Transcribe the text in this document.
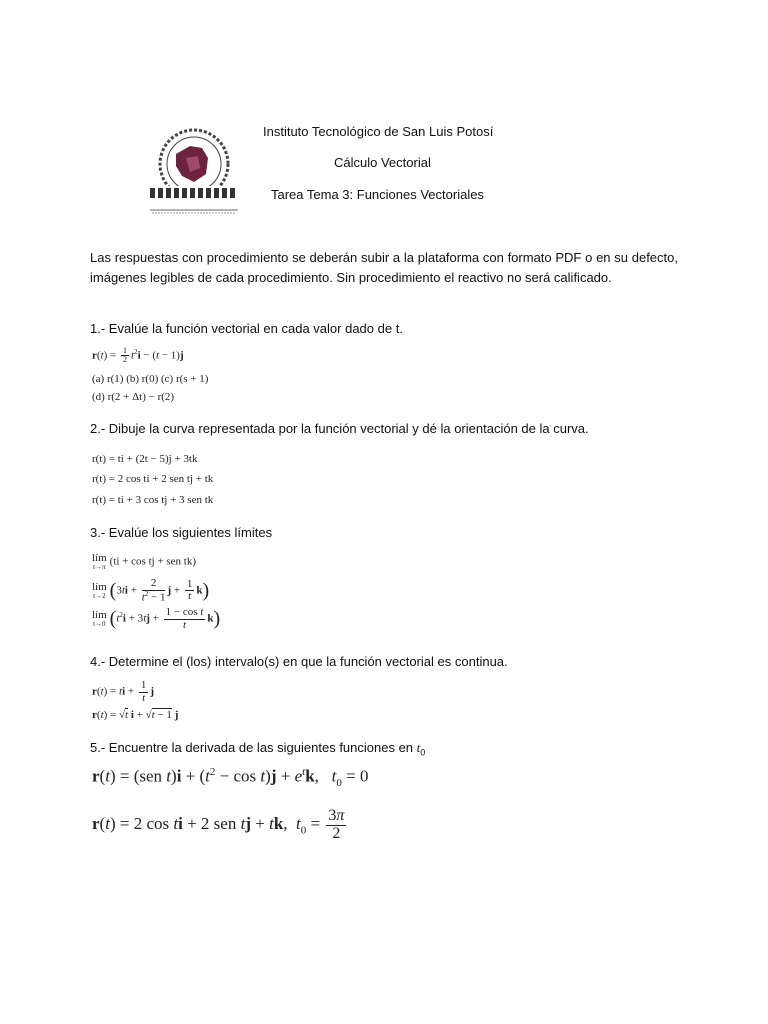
Instituto Tecnológico de San Luis Potosí
Cálculo Vectorial
Tarea Tema 3: Funciones Vectoriales
Las respuestas con procedimiento se deberán subir a la plataforma con formato PDF o en su defecto, imágenes legibles de cada procedimiento. Sin procedimiento el reactivo no será calificado.
1.- Evalúe la función vectorial en cada valor dado de t.
$r(t) = \frac{1}{2} t^2i - (t - 1)j$
(a) r(1) (b) r(0) (c) r(s + 1)
(d) r(2 + Δt) − r(2)
2.- Dibuje la curva representada por la función vectorial y dé la orientación de la curva.
r(t) = ti + (2t − 5)j + 3tk
r(t) = 2 cos ti + 2 sen tj + tk
r(t) = ti + 3 cos tj + 3 sen tk
3.- Evalúe los siguientes límites
lím
t→π (ti + cos tj + sen tk)
lím
t→2 ($3ti + \frac{2}{t^2 - 1}$ $j + \frac{1}{t} k$)
lím
t→0 $(t^2i + 3tj + \frac{\text{1 − cos t}}{t} k)$
4.- Determine el (los) intervalo(s) en que la función vectorial es continua.
r(t) = ti + $\frac{1}{t}$ j
r(t) = √t i + √t − 1 j
5.- Encuentre la derivada de las siguientes funciones en $t_0$
r(t) = (sen $t)i + (t^2 - \cos t)j + e^tk$,   $t_0 = 0$
r(t) = 2 cos ti + 2 sen tj + tk,  $t_0 = \frac{3\pi}{2}$
